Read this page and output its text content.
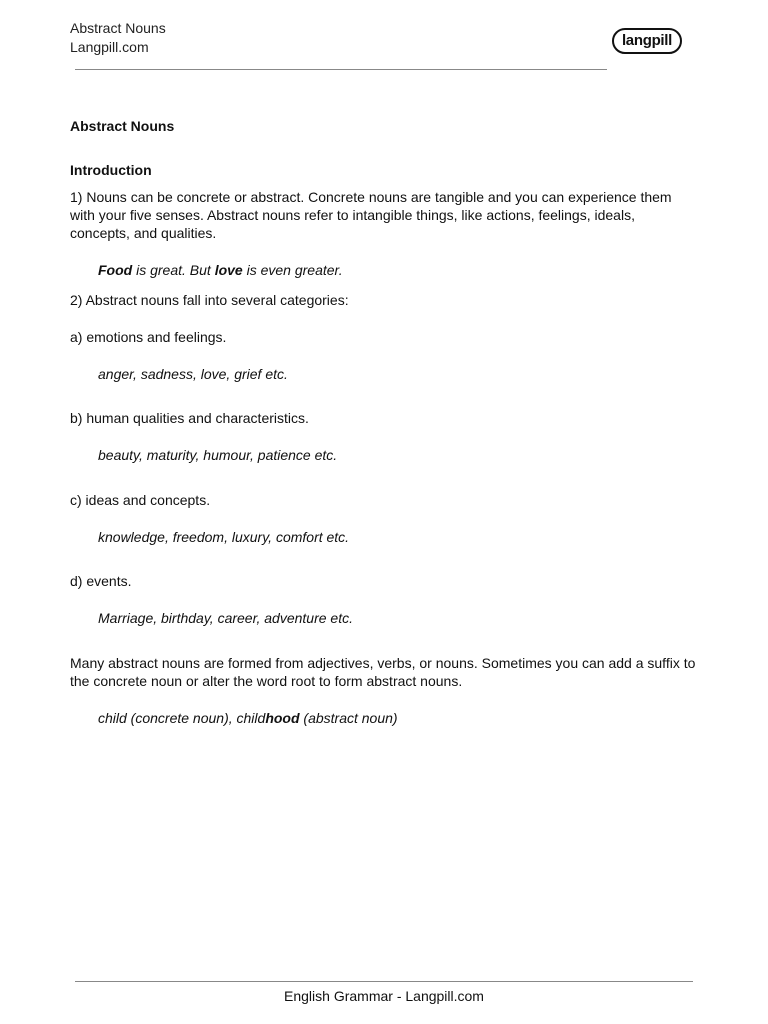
Abstract Nouns
Langpill.com	langpill
Abstract Nouns
Introduction
1) Nouns can be concrete or abstract. Concrete nouns are tangible and you can experience them with your five senses. Abstract nouns refer to intangible things, like actions, feelings, ideals, concepts, and qualities.
Food is great. But love is even greater.
2) Abstract nouns fall into several categories:
a) emotions and feelings.
anger, sadness, love, grief etc.
b) human qualities and characteristics.
beauty, maturity, humour, patience etc.
c) ideas and concepts.
knowledge, freedom, luxury, comfort etc.
d) events.
Marriage, birthday, career, adventure etc.
Many abstract nouns are formed from adjectives, verbs, or nouns. Sometimes you can add a suffix to the concrete noun or alter the word root to form abstract nouns.
child (concrete noun), childhood (abstract noun)
English Grammar - Langpill.com
